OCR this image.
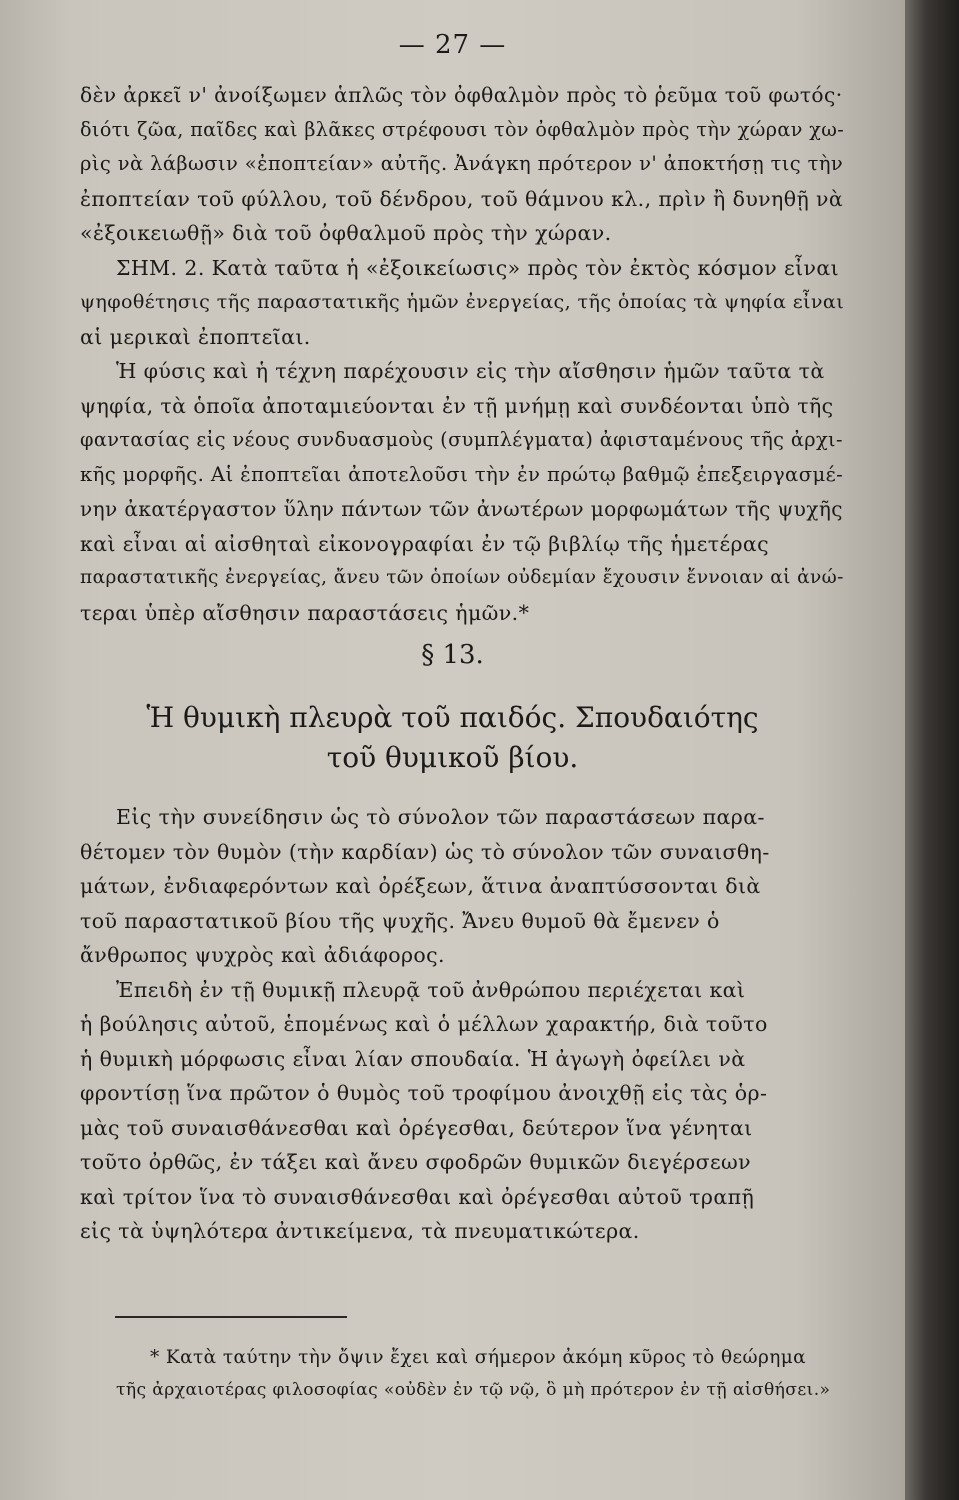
— 27 —
δὲν ἀρκεῖ ν' ἀνοίξωμεν ἁπλῶς τὸν ὀφθαλμὸν πρὸς τὸ ῥεῦμα τοῦ φωτός·
διότι ζῶα, παῖδες καὶ βλᾶκες στρέφουσι τὸν ὀφθαλμὸν πρὸς τὴν χώραν χω-
ρὶς νὰ λάβωσιν «ἐποπτείαν» αὐτῆς. Ἀνάγκη πρότερον ν' ἀποκτήσῃ τις τὴν
ἐποπτείαν τοῦ φύλλου, τοῦ δένδρου, τοῦ θάμνου κλ., πρὶν ἢ δυνηθῇ νὰ
«ἐξοικειωθῇ» διὰ τοῦ ὀφθαλμοῦ πρὸς τὴν χώραν.
ΣΗΜ. 2. Κατὰ ταῦτα ἡ «ἐξοικείωσις» πρὸς τὸν ἐκτὸς κόσμον εἶναι
ψηφοθέτησις τῆς παραστατικῆς ἡμῶν ἐνεργείας, τῆς ὁποίας τὰ ψηφία εἶναι
αἱ μερικαὶ ἐποπτεῖαι.
Ἡ φύσις καὶ ἡ τέχνη παρέχουσιν εἰς τὴν αἴσθησιν ἡμῶν ταῦτα τὰ
ψηφία, τὰ ὁποῖα ἀποταμιεύονται ἐν τῇ μνήμῃ καὶ συνδέονται ὑπὸ τῆς
φαντασίας εἰς νέους συνδυασμοὺς (συμπλέγματα) ἀφισταμένους τῆς ἀρχι-
κῆς μορφῆς. Αἱ ἐποπτεῖαι ἀποτελοῦσι τὴν ἐν πρώτῳ βαθμῷ ἐπεξειργασμέ-
νην ἀκατέργαστον ὕλην πάντων τῶν ἀνωτέρων μορφωμάτων τῆς ψυχῆς
καὶ εἶναι αἱ αἰσθηταὶ εἰκονογραφίαι ἐν τῷ βιβλίῳ τῆς ἡμετέρας
παραστατικῆς ἐνεργείας, ἄνευ τῶν ὁποίων οὐδεμίαν ἔχουσιν ἔννοιαν αἱ ἀνώ-
τεραι ὑπὲρ αἴσθησιν παραστάσεις ἡμῶν.*
§ 13.
Ἡ θυμικὴ πλευρὰ τοῦ παιδός. Σπουδαιότης
τοῦ θυμικοῦ βίου.
Εἰς τὴν συνείδησιν ὡς τὸ σύνολον τῶν παραστάσεων παρα-
θέτομεν τὸν θυμὸν (τὴν καρδίαν) ὡς τὸ σύνολον τῶν συναισθη-
μάτων, ἐνδιαφερόντων καὶ ὀρέξεων, ἅτινα ἀναπτύσσονται διὰ
τοῦ παραστατικοῦ βίου τῆς ψυχῆς. Ἄνευ θυμοῦ θὰ ἔμενεν ὁ
ἄνθρωπος ψυχρὸς καὶ ἀδιάφορος.
Ἐπειδὴ ἐν τῇ θυμικῇ πλευρᾷ τοῦ ἀνθρώπου περιέχεται καὶ
ἡ βούλησις αὐτοῦ, ἑπομένως καὶ ὁ μέλλων χαρακτήρ, διὰ τοῦτο
ἡ θυμικὴ μόρφωσις εἶναι λίαν σπουδαία. Ἡ ἀγωγὴ ὀφείλει νὰ
φροντίσῃ ἵνα πρῶτον ὁ θυμὸς τοῦ τροφίμου ἀνοιχθῇ εἰς τὰς ὁρ-
μὰς τοῦ συναισθάνεσθαι καὶ ὀρέγεσθαι, δεύτερον ἵνα γένηται
τοῦτο ὀρθῶς, ἐν τάξει καὶ ἄνευ σφοδρῶν θυμικῶν διεγέρσεων
καὶ τρίτον ἵνα τὸ συναισθάνεσθαι καὶ ὀρέγεσθαι αὐτοῦ τραπῇ
εἰς τὰ ὑψηλότερα ἀντικείμενα, τὰ πνευματικώτερα.
* Κατὰ ταύτην τὴν ὄψιν ἔχει καὶ σήμερον ἀκόμη κῦρος τὸ θεώρημα
τῆς ἀρχαιοτέρας φιλοσοφίας «οὐδὲν ἐν τῷ νῷ, ὃ μὴ πρότερον ἐν τῇ αἰσθήσει.»
